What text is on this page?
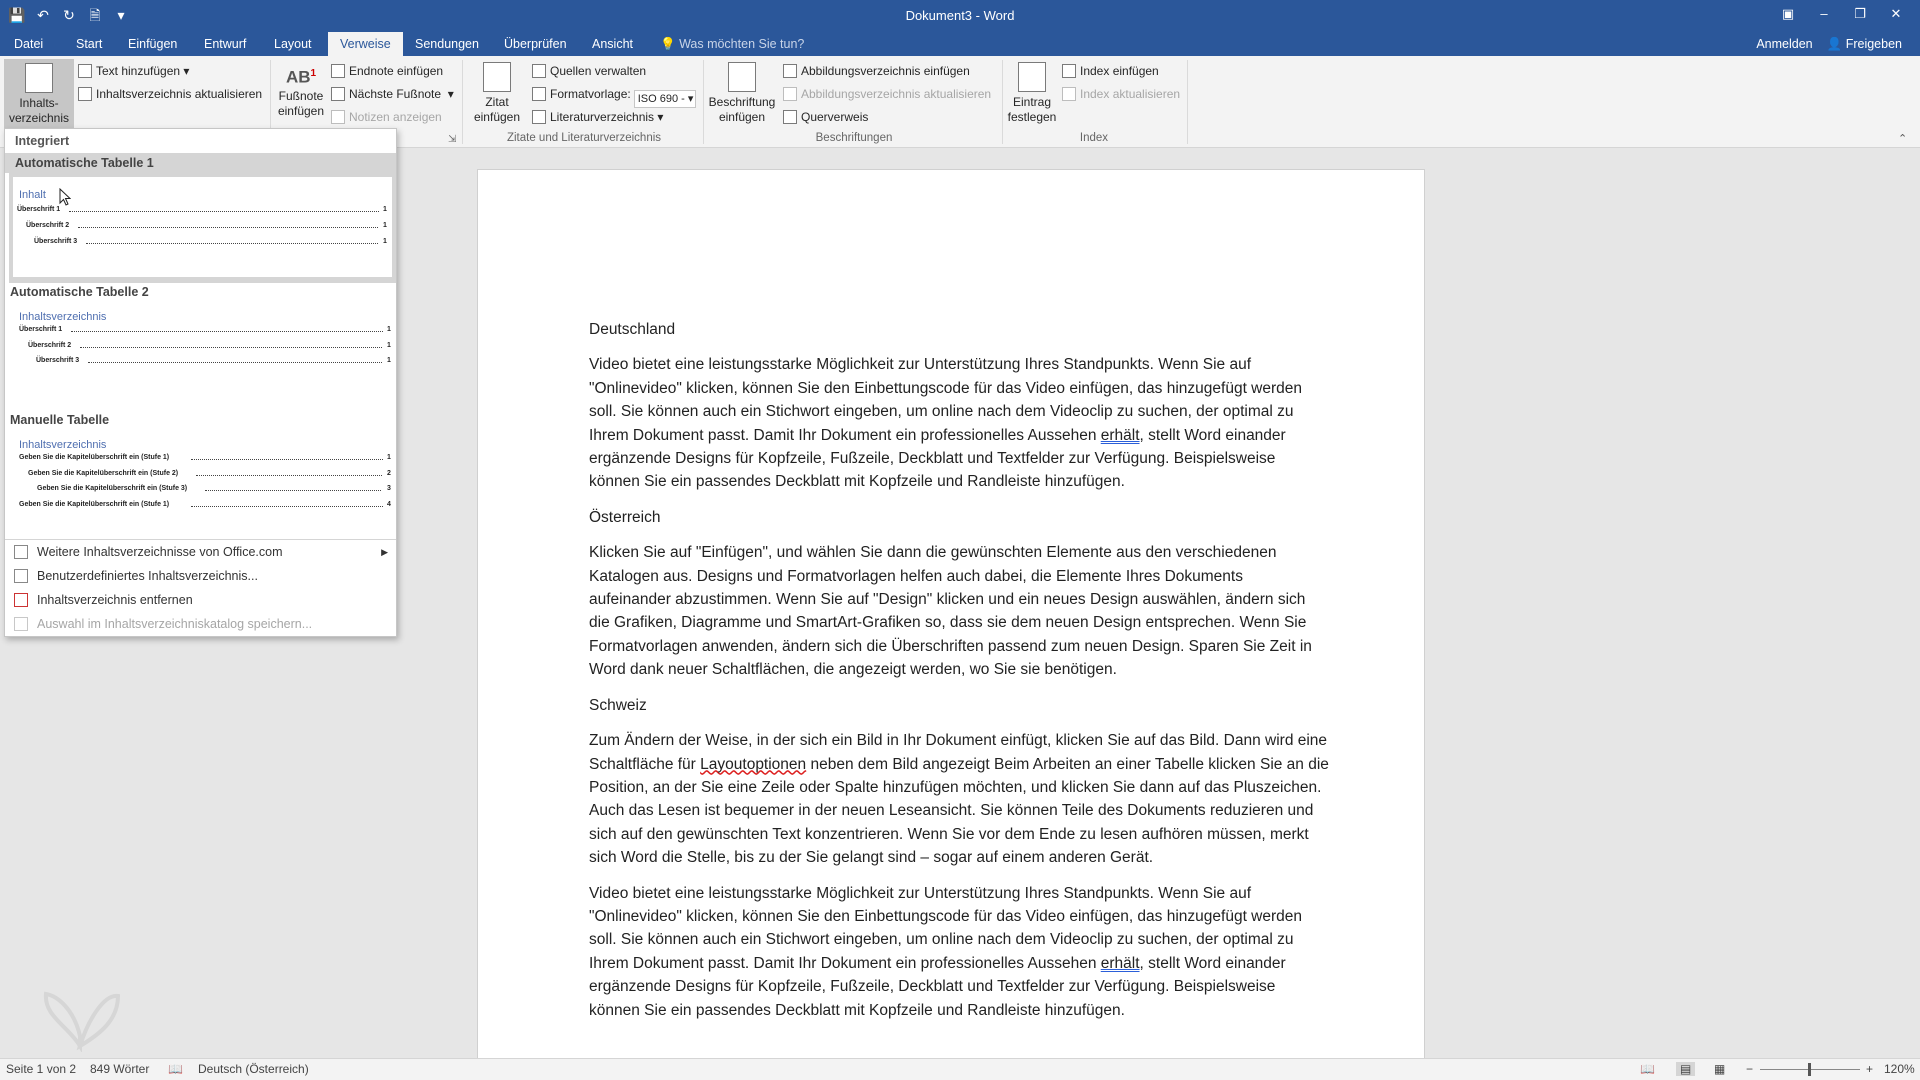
💾 ↶	↻	🗎	▾	Dokument3 - Word	▣	–	❐	✕
Datei	Start	Einfügen	Entwurf	Layout	Verweise	Sendungen	Überprüfen	Ansicht	💡 Was möchten Sie tun?	Anmelden 👤 Freigeben
Inhalts-
verzeichnis
Text hinzufügen ▾
Inhaltsverzeichnis aktualisieren
$AB^1$
Fußnote
einfügen
Endnote einfügen
Nächste Fußnote  ▾
Notizen anzeigen
⇲
Zitat
einfügen
Quellen verwalten
Formatvorlage: ISO 690 - ▾
Literaturverzeichnis ▾
Zitate und Literaturverzeichnis
Beschriftung
einfügen
Abbildungsverzeichnis einfügen
Abbildungsverzeichnis aktualisieren
Querverweis
Beschriftungen
Eintrag
festlegen
Index einfügen
Index aktualisieren
Index	⌃
Deutschland

Video bietet eine leistungsstarke Möglichkeit zur Unterstützung Ihres Standpunkts. Wenn Sie auf "Onlinevideo" klicken, können Sie den Einbettungscode für das Video einfügen, das hinzugefügt werden soll. Sie können auch ein Stichwort eingeben, um online nach dem Videoclip zu suchen, der optimal zu Ihrem Dokument passt. Damit Ihr Dokument ein professionelles Aussehen erhält, stellt Word einander ergänzende Designs für Kopfzeile, Fußzeile, Deckblatt und Textfelder zur Verfügung. Beispielsweise können Sie ein passendes Deckblatt mit Kopfzeile und Randleiste hinzufügen.

Österreich

Klicken Sie auf "Einfügen", und wählen Sie dann die gewünschten Elemente aus den verschiedenen Katalogen aus. Designs und Formatvorlagen helfen auch dabei, die Elemente Ihres Dokuments aufeinander abzustimmen. Wenn Sie auf "Design" klicken und ein neues Design auswählen, ändern sich die Grafiken, Diagramme und SmartArt-Grafiken so, dass sie dem neuen Design entsprechen. Wenn Sie Formatvorlagen anwenden, ändern sich die Überschriften passend zum neuen Design. Sparen Sie Zeit in Word dank neuer Schaltflächen, die angezeigt werden, wo Sie sie benötigen.

Schweiz

Zum Ändern der Weise, in der sich ein Bild in Ihr Dokument einfügt, klicken Sie auf das Bild. Dann wird eine Schaltfläche für Layoutoptionen neben dem Bild angezeigt Beim Arbeiten an einer Tabelle klicken Sie an die Position, an der Sie eine Zeile oder Spalte hinzufügen möchten, und klicken Sie dann auf das Pluszeichen. Auch das Lesen ist bequemer in der neuen Leseansicht. Sie können Teile des Dokuments reduzieren und sich auf den gewünschten Text konzentrieren. Wenn Sie vor dem Ende zu lesen aufhören müssen, merkt sich Word die Stelle, bis zu der Sie gelangt sind – sogar auf einem anderen Gerät.

Video bietet eine leistungsstarke Möglichkeit zur Unterstützung Ihres Standpunkts. Wenn Sie auf "Onlinevideo" klicken, können Sie den Einbettungscode für das Video einfügen, das hinzugefügt werden soll. Sie können auch ein Stichwort eingeben, um online nach dem Videoclip zu suchen, der optimal zu Ihrem Dokument passt. Damit Ihr Dokument ein professionelles Aussehen erhält, stellt Word einander ergänzende Designs für Kopfzeile, Fußzeile, Deckblatt und Textfelder zur Verfügung. Beispielsweise können Sie ein passendes Deckblatt mit Kopfzeile und Randleiste hinzufügen.

Integriert
Automatische Tabelle 1
Inhalt
Überschrift 1	1
Überschrift 2	1
Überschrift 3	1
Automatische Tabelle 2
Inhaltsverzeichnis
Überschrift 1	1
Überschrift 2	1
Überschrift 3	1
Manuelle Tabelle
Inhaltsverzeichnis
Geben Sie die Kapitelüberschrift ein (Stufe 1)	1
Geben Sie die Kapitelüberschrift ein (Stufe 2)	2
Geben Sie die Kapitelüberschrift ein (Stufe 3)	3
Geben Sie die Kapitelüberschrift ein (Stufe 1)	4
Weitere Inhaltsverzeichnisse von Office.com	▶
Benutzerdefiniertes Inhaltsverzeichnis...
Inhaltsverzeichnis entfernen
Auswahl im Inhaltsverzeichniskatalog speichern...
Seite 1 von 2 849 Wörter 📖 Deutsch (Österreich)	📖	▤	▦ −	+ 120%
